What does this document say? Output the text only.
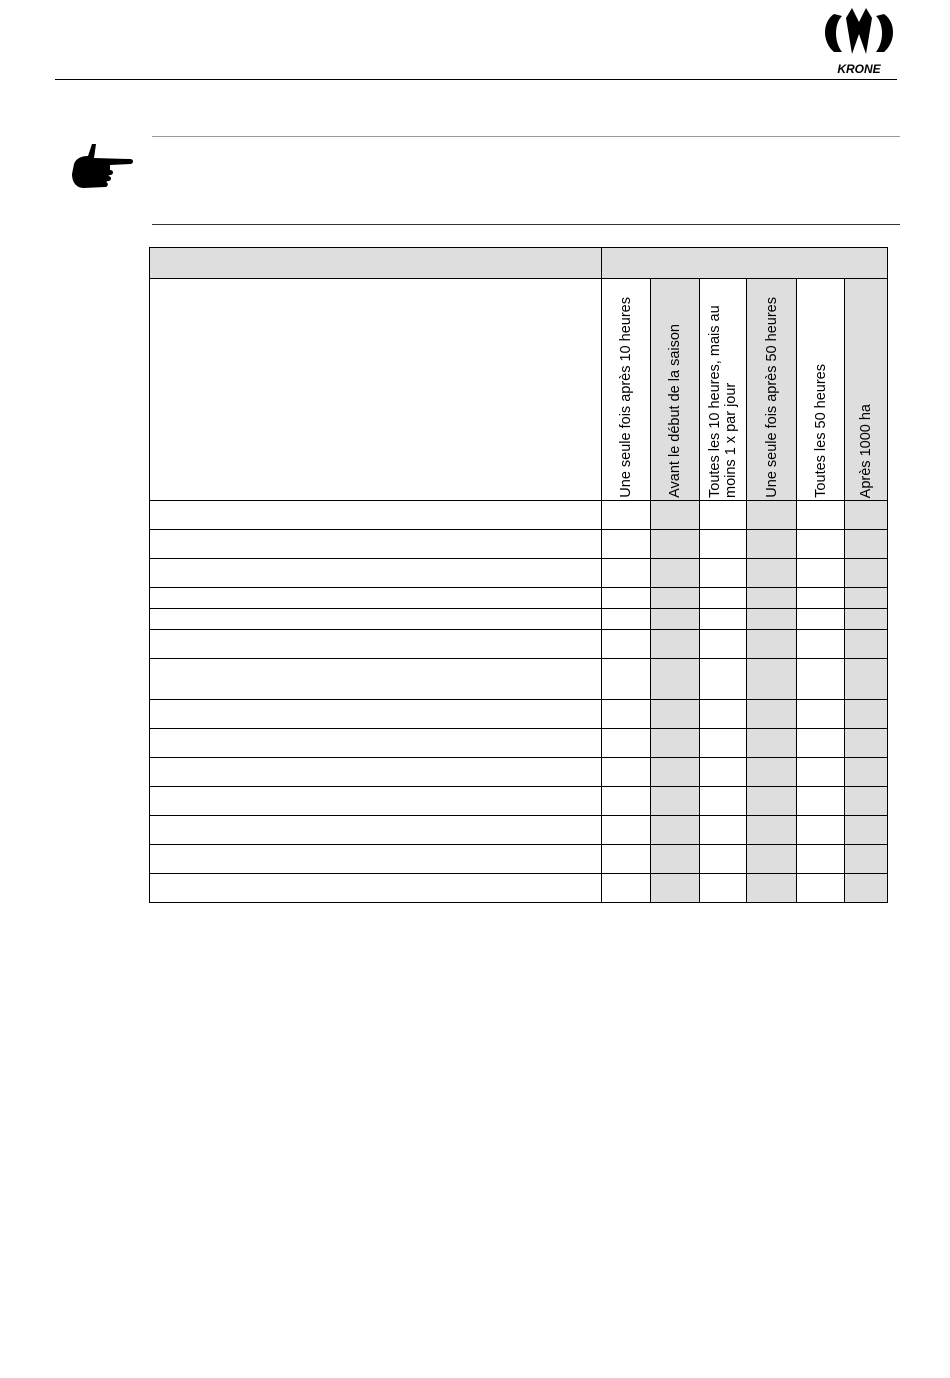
KRONE

	Une seule fois après 10 heures	Avant le début de la saison	Toutes les 10 heures, mais au moins 1 x par jour	Une seule fois après 50 heures	Toutes les 50 heures	Après 1000 ha
